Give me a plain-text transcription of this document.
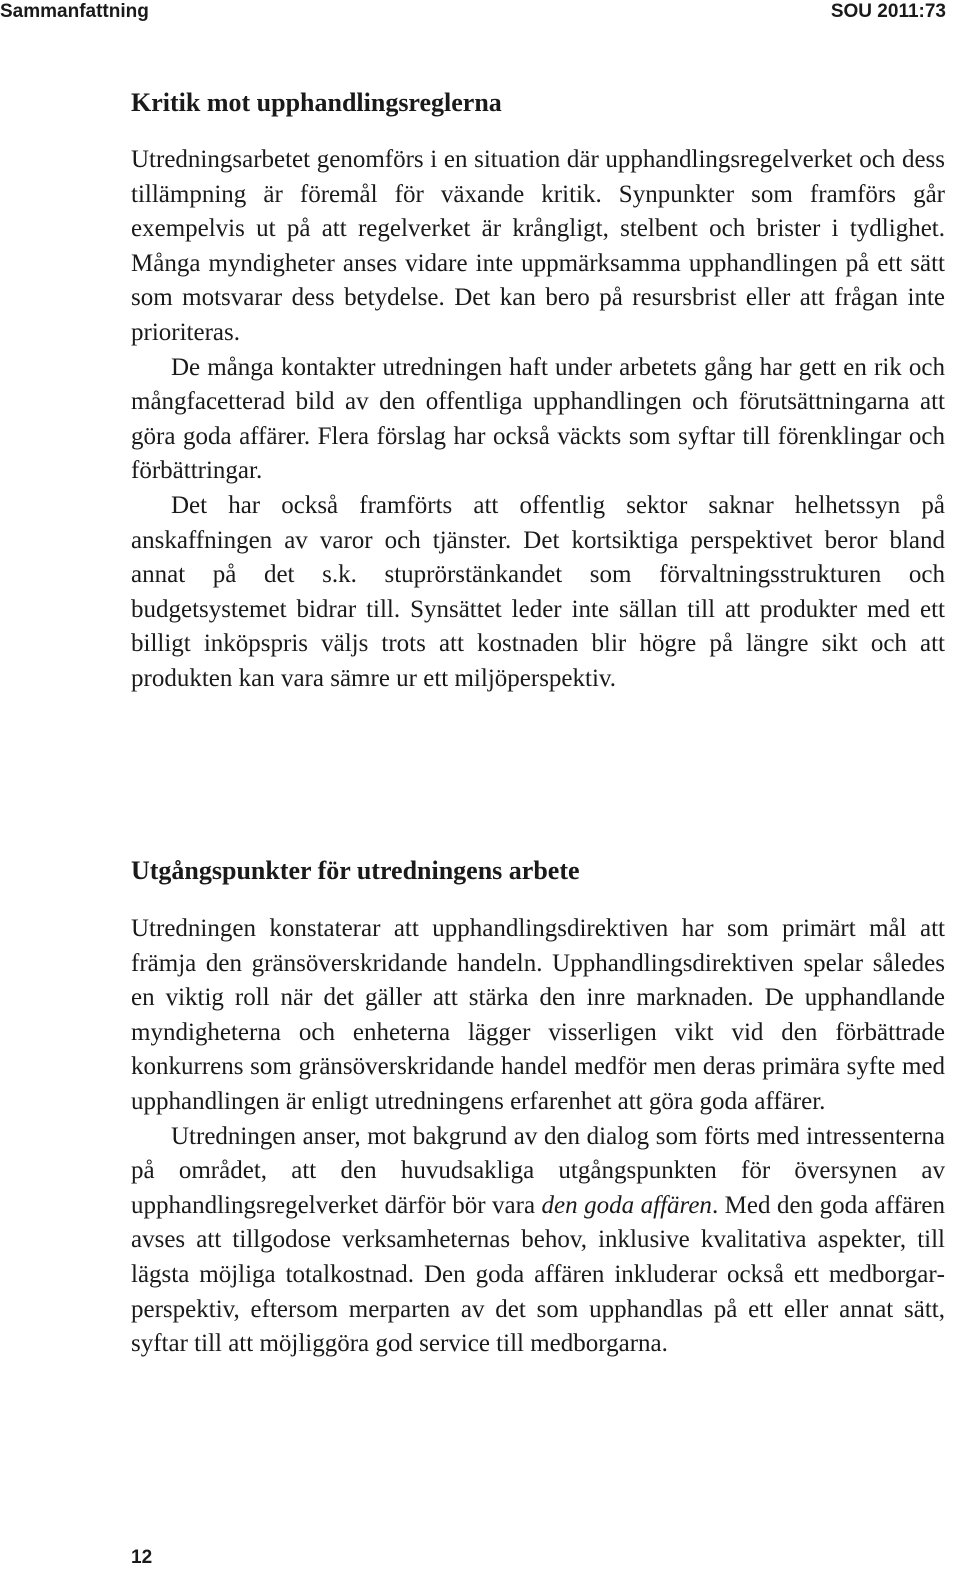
Sammanfattning	SOU 2011:73
Kritik mot upphandlingsreglerna

Utredningsarbetet genomförs i en situation där upphandlingsregelverket och dess tillämpning är föremål för växande kritik. Synpunkter som framförs går exempelvis ut på att regelverket är krångligt, stelbent och brister i tydlighet. Många myndigheter anses vidare inte uppmärksamma upphandlingen på ett sätt som motsvarar dess betydelse. Det kan bero på resursbrist eller att frågan inte prioriteras.

De många kontakter utredningen haft under arbetets gång har gett en rik och mångfacetterad bild av den offentliga upphandlingen och förutsättningarna att göra goda affärer. Flera förslag har också väckts som syftar till förenklingar och förbättringar.

Det har också framförts att offentlig sektor saknar helhetssyn på anskaffningen av varor och tjänster. Det kortsiktiga perspektivet beror bland annat på det s.k. stuprörstänkandet som förvaltningsstrukturen och budgetsystemet bidrar till. Synsättet leder inte sällan till att produkter med ett billigt inköpspris väljs trots att kostnaden blir högre på längre sikt och att produkten kan vara sämre ur ett miljöperspektiv.

Utgångspunkter för utredningens arbete

Utredningen konstaterar att upphandlingsdirektiven har som primärt mål att främja den gränsöverskridande handeln. Upphandlingsdirektiven spelar således en viktig roll när det gäller att stärka den inre marknaden. De upphandlande myndigheterna och enheterna lägger visserligen vikt vid den förbättrade konkurrens som gränsöverskridande handel medför men deras primära syfte med upphandlingen är enligt utredningens erfarenhet att göra goda affärer.

Utredningen anser, mot bakgrund av den dialog som förts med intressenterna på området, att den huvudsakliga utgångspunkten för översynen av upphandlingsregelverket därför bör vara den goda affären. Med den goda affären avses att tillgodose verksamheternas behov, inklusive kvalitativa aspekter, till lägsta möjliga totalkostnad. Den goda affären inkluderar också ett medborgarperspektiv, eftersom merparten av det som upphandlas på ett eller annat sätt, syftar till att möjliggöra god service till medborgarna.

12
